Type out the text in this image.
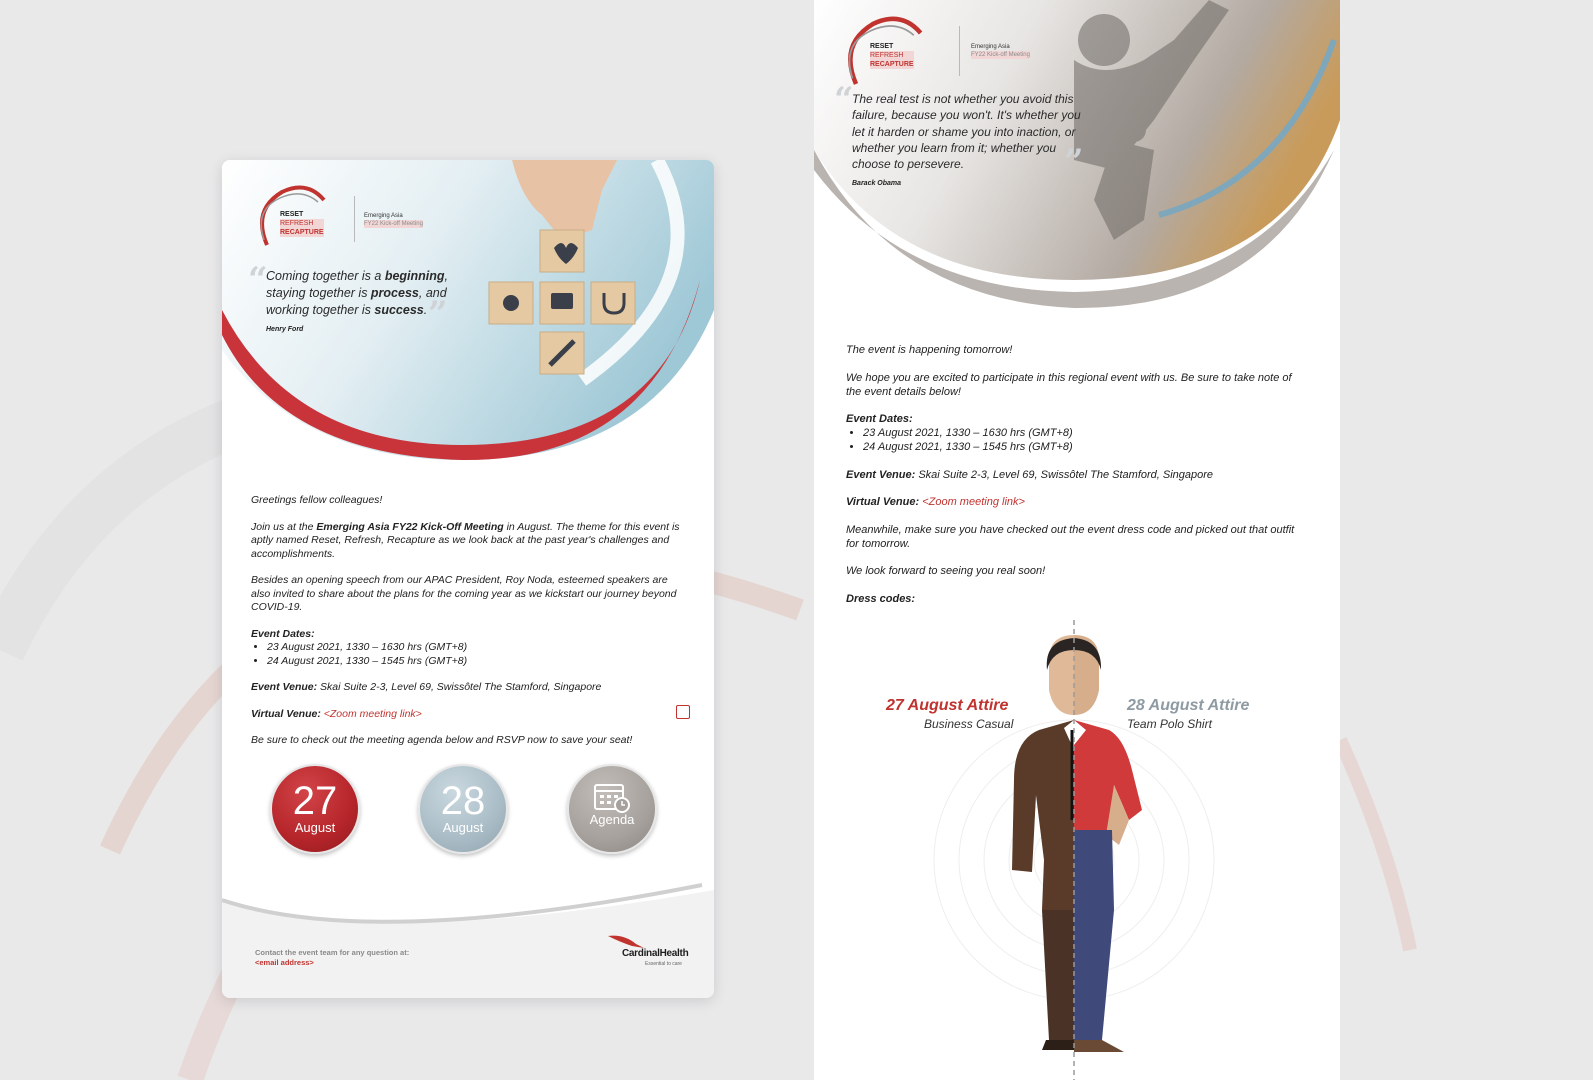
RESET
REFRESH
RECAPTURE
Emerging Asia
FY22 Kick-off Meeting
“
Coming together is a beginning,
staying together is process, and
working together is success. ”
Henry Ford

Greetings fellow colleagues!

Join us at the Emerging Asia FY22 Kick-Off Meeting in August. The theme for this event is aptly named Reset, Refresh, Recapture as we look back at the past year's challenges and accomplishments.

Besides an opening speech from our APAC President, Roy Noda, esteemed speakers are also invited to share about the plans for the coming year as we kickstart our journey beyond COVID-19.

Event Dates:
• 23 August 2021, 1330 – 1630 hrs (GMT+8)
• 24 August 2021, 1330 – 1545 hrs (GMT+8)

Event Venue: Skai Suite 2-3, Level 69, Swissôtel The Stamford, Singapore

Virtual Venue: <Zoom meeting link>

Be sure to check out the meeting agenda below and RSVP now to save your seat!

27
August
28
August
Agenda
Contact the event team for any question at:
<email address>
CardinalHealth
Essential to care
RESET
REFRESH
RECAPTURE
Emerging Asia
FY22 Kick-off Meeting
“
The real test is not whether you avoid this
failure, because you won't. It's whether you
let it harden or shame you into inaction, or
whether you learn from it; whether you
choose to persevere.	”
Barack Obama

The event is happening tomorrow!

We hope you are excited to participate in this regional event with us. Be sure to take note of the event details below!

Event Dates:
• 23 August 2021, 1330 – 1630 hrs (GMT+8)
• 24 August 2021, 1330 – 1545 hrs (GMT+8)

Event Venue: Skai Suite 2-3, Level 69, Swissôtel The Stamford, Singapore

Virtual Venue: <Zoom meeting link>

Meanwhile, make sure you have checked out the event dress code and picked out that outfit for tomorrow.

We look forward to seeing you real soon!

Dress codes:

27 August Attire
Business Casual
28 August Attire
Team Polo Shirt
